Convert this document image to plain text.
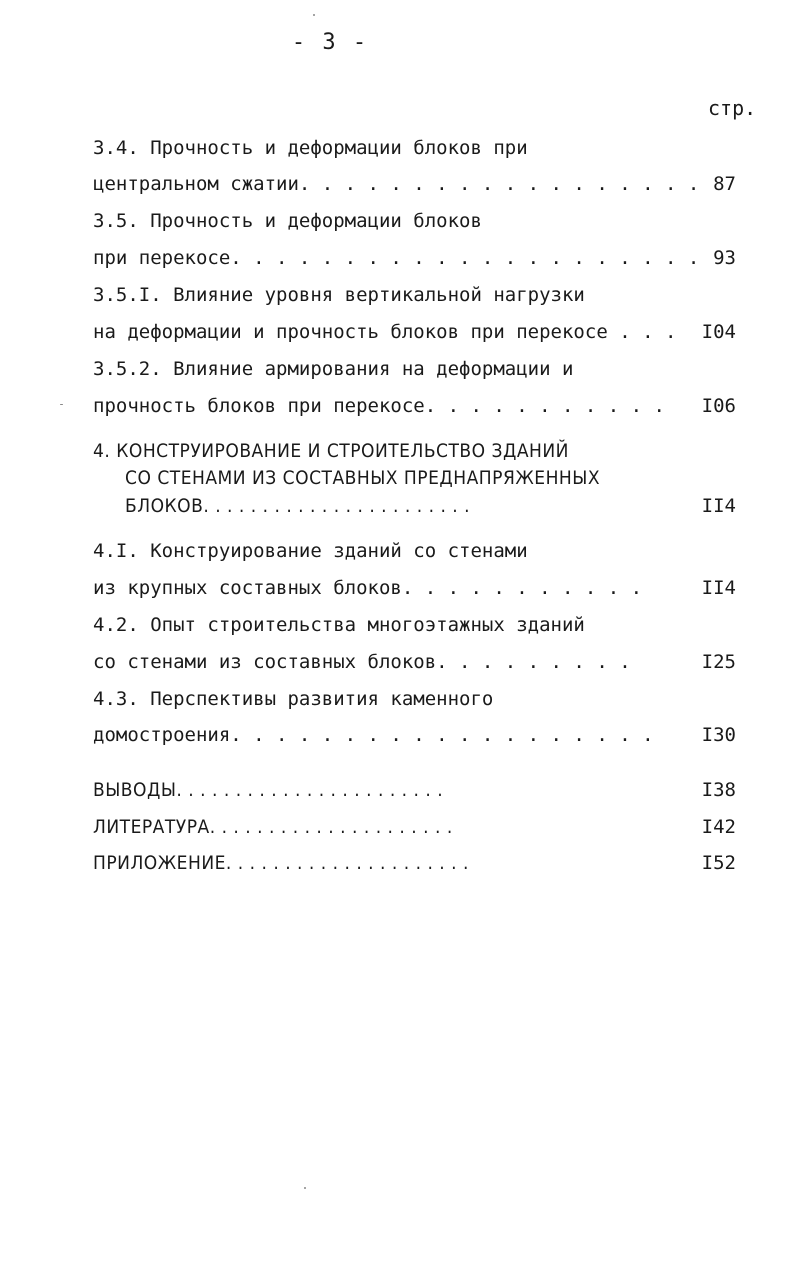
- 3 -
стр.
3.4. Прочность и деформации блоков при
центральном сжатии. . . . . . . . . . . . . . . . . . 87
3.5. Прочность и деформации блоков
при перекосе. . . . . . . . . . . . . . . . . . . . . 93
3.5.I. Влияние уровня вертикальной нагрузки
на деформации и прочность блоков при перекосе . . .	I04
3.5.2. Влияние армирования на деформации и
прочность блоков при перекосе. . . . . . . . . . .	I06
4. КОНСТРУИРОВАНИЕ И СТРОИТЕЛЬСТВО ЗДАНИЙ
СО СТЕНАМИ ИЗ СОСТАВНЫХ ПРЕДНАПРЯЖЕННЫХ
БЛОКОВ. . . . . . . . . . . . . . . . . . . . . . .	II4
4.I. Конструирование зданий со стенами
из крупных составных блоков. . . . . . . . . . .	II4
4.2. Опыт строительства многоэтажных зданий
со стенами из составных блоков. . . . . . . . .	I25
4.3. Перспективы развития каменного
домостроения. . . . . . . . . . . . . . . . . . .	I30
ВЫВОДЫ. . . . . . . . . . . . . . . . . . . . . . .	I38
ЛИТЕРАТУРА. . . . . . . . . . . . . . . . . . . . .	I42
ПРИЛОЖЕНИЕ. . . . . . . . . . . . . . . . . . . . .	I52
